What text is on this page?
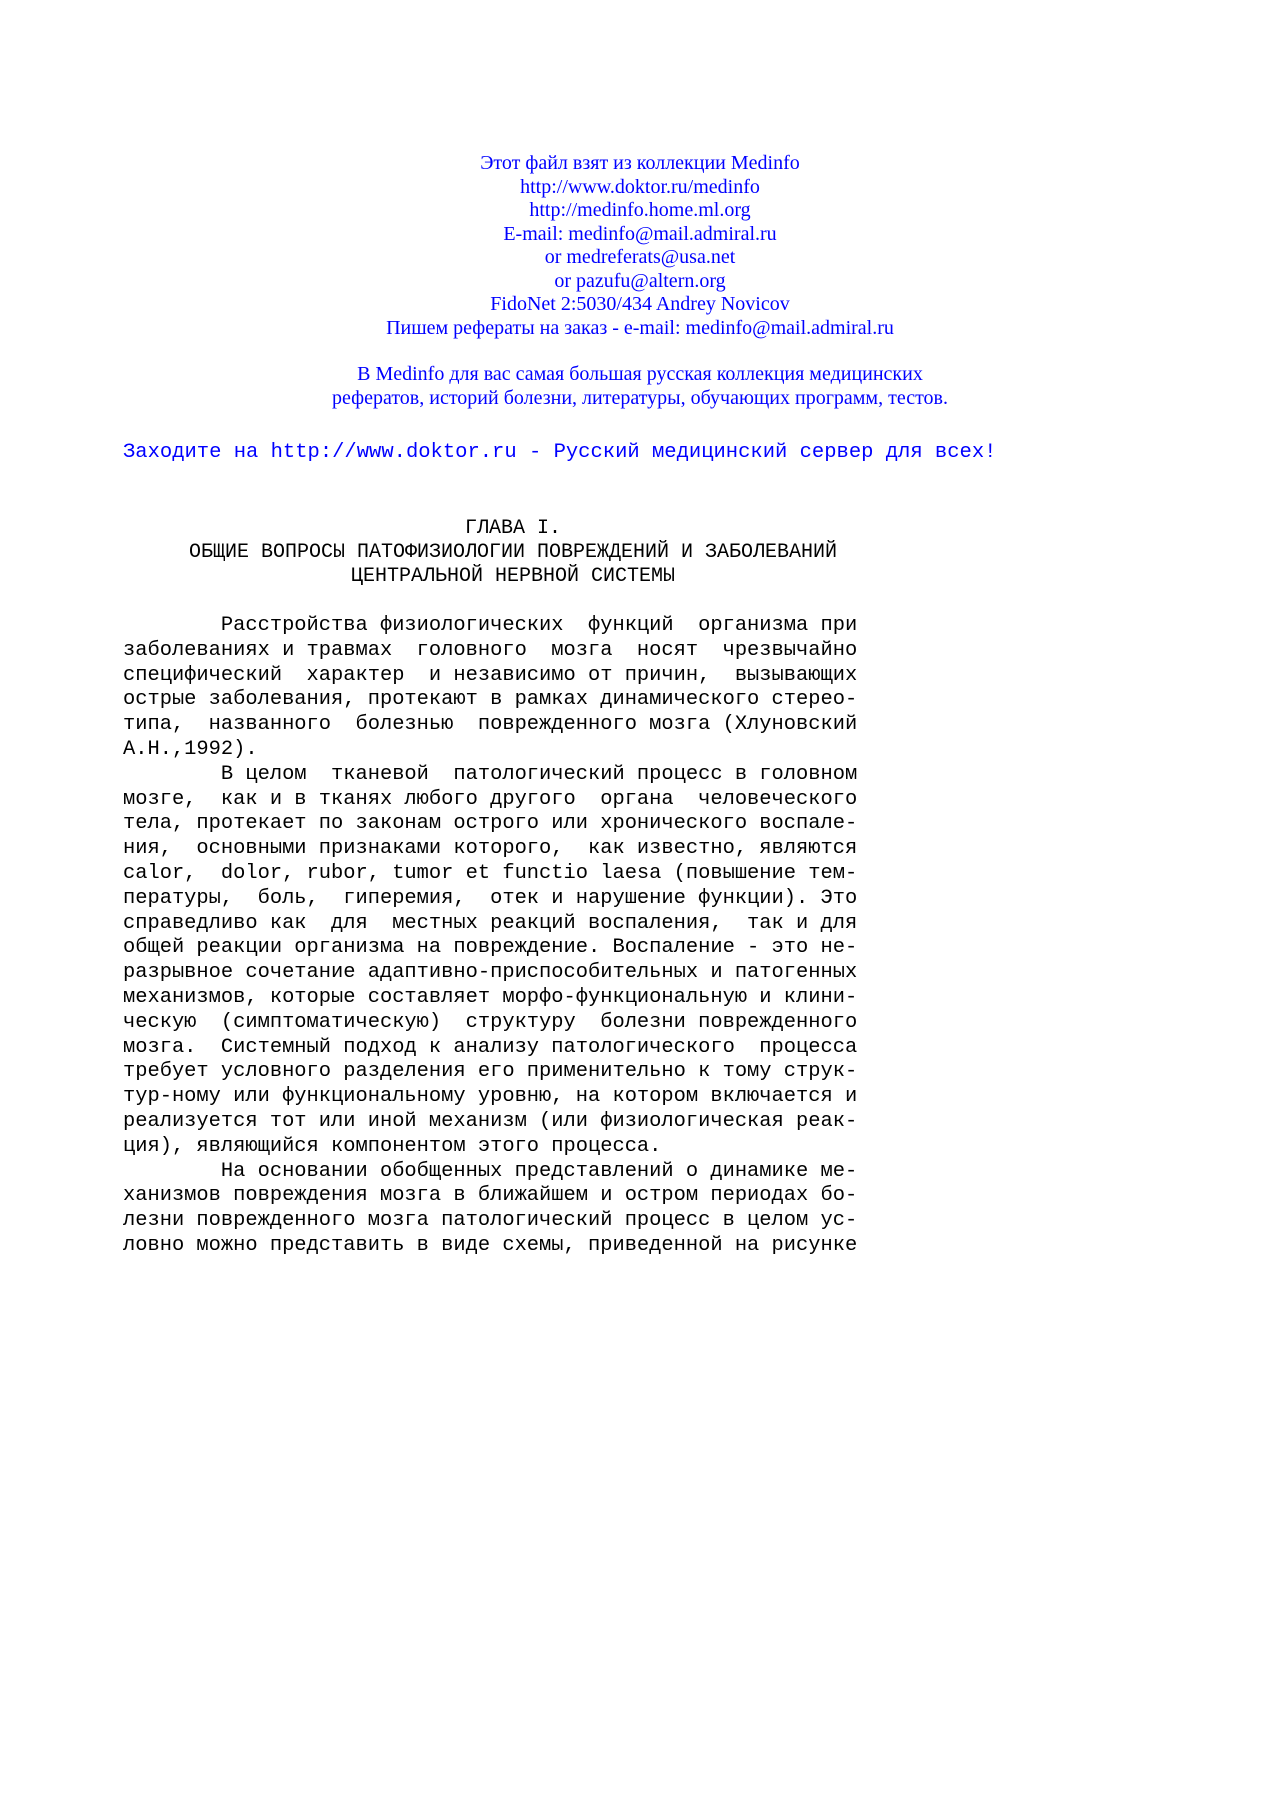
Этот файл взят из коллекции Medinfo
http://www.doktor.ru/medinfo
http://medinfo.home.ml.org
E-mail: medinfo@mail.admiral.ru
or medreferats@usa.net
or pazufu@altern.org
FidoNet 2:5030/434 Andrey Novicov
Пишем рефераты на заказ - e-mail: medinfo@mail.admiral.ru
В Medinfo для вас самая большая русская коллекция медицинских
рефератов, историй болезни, литературы, обучающих программ, тестов.
Заходите на http://www.doktor.ru - Русский медицинский сервер для всех!
ГЛАВА I.
ОБЩИЕ ВОПРОСЫ ПАТОФИЗИОЛОГИИ ПОВРЕЖДЕНИЙ И ЗАБОЛЕВАНИЙ
ЦЕНТРАЛЬНОЙ НЕРВНОЙ СИСТЕМЫ
Расстройства физиологических  функций  организма при
заболеваниях и травмах  головного  мозга  носят  чрезвычайно
специфический  характер  и независимо от причин,  вызывающих
острые заболевания, протекают в рамках динамического стерео-
типа,  названного  болезнью  поврежденного мозга (Хлуновский
А.Н.,1992).
В целом  тканевой  патологический процесс в головном
мозге,  как и в тканях любого другого  органа  человеческого
тела, протекает по законам острого или хронического воспале-
ния,  основными признаками которого,  как известно, являются
calor,  dolor, rubor, tumor et functio laesa (повышение тем-
пературы,  боль,  гиперемия,  отек и нарушение функции). Это
справедливо как  для  местных реакций воспаления,  так и для
общей реакции организма на повреждение. Воспаление - это не-
разрывное сочетание адаптивно-приспособительных и патогенных
механизмов, которые составляет морфо-функциональную и клини-
ческую  (симптоматическую)  структуру  болезни поврежденного
мозга.  Системный подход к анализу патологического  процесса
требует условного разделения его применительно к тому струк-
тур-ному или функциональному уровню, на котором включается и
реализуется тот или иной механизм (или физиологическая реак-
ция), являющийся компонентом этого процесса.
На основании обобщенных представлений о динамике ме-
ханизмов повреждения мозга в ближайшем и остром периодах бо-
лезни поврежденного мозга патологический процесс в целом ус-
ловно можно представить в виде схемы, приведенной на рисунке
